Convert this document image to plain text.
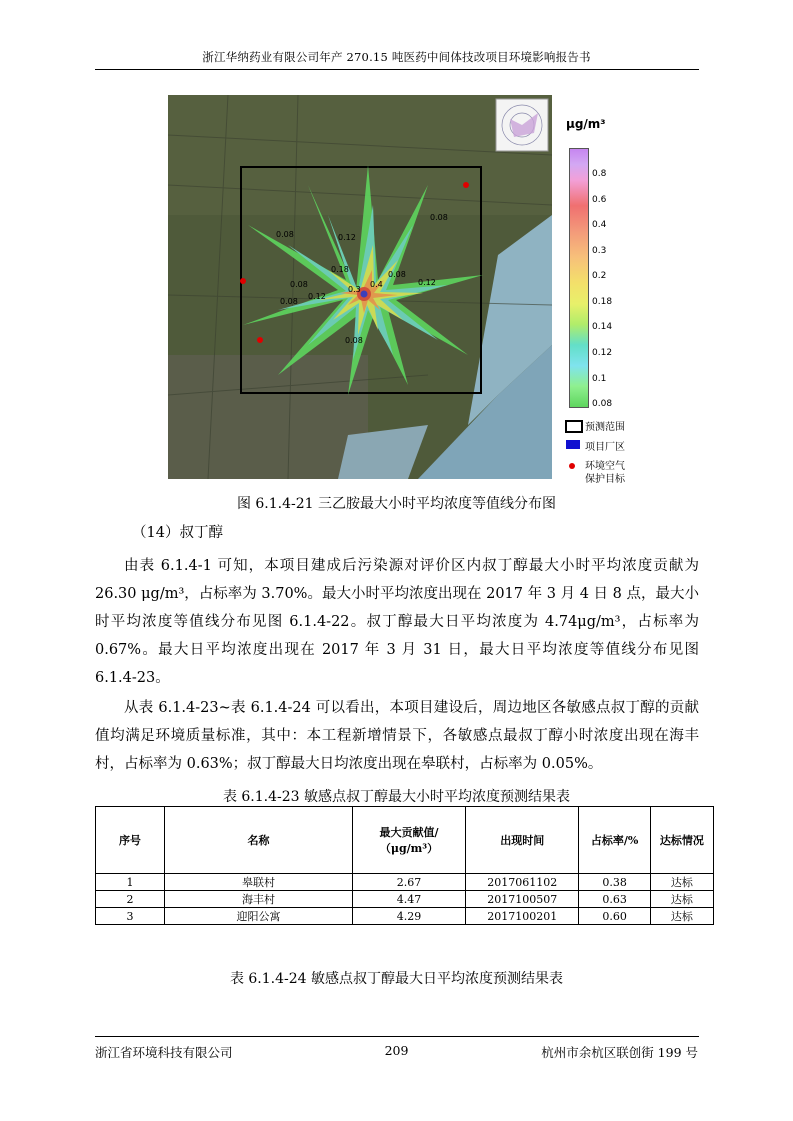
浙江华纳药业有限公司年产 270.15 吨医药中间体技改项目环境影响报告书
0.08	0.12
0.18
0.08
0.12
0.08
0.08
0.12
0.08
0.3
0.4
0.08
μg/m³
0.8
0.6
0.4
0.3
0.2
0.18
0.14
0.12
0.1
0.08
预测范围
项目厂区
环境空气
保护目标
图 6.1.4-21 三乙胺最大小时平均浓度等值线分布图
（14）叔丁醇
由表 6.1.4-1 可知，本项目建成后污染源对评价区内叔丁醇最大小时平均浓度贡献为 26.30 μg/m³，占标率为 3.70%。最大小时平均浓度出现在 2017 年 3 月 4 日 8 点，最大小时平均浓度等值线分布见图 6.1.4-22。叔丁醇最大日平均浓度为 4.74μg/m³，占标率为 0.67%。最大日平均浓度出现在 2017 年 3 月 31 日，最大日平均浓度等值线分布见图 6.1.4-23。
从表 6.1.4-23~表 6.1.4-24 可以看出，本项目建设后，周边地区各敏感点叔丁醇的贡献值均满足环境质量标准，其中：本工程新增情景下，各敏感点最叔丁醇小时浓度出现在海丰村，占标率为 0.63%；叔丁醇最大日均浓度出现在皋联村，占标率为 0.05%。
表 6.1.4-23 敏感点叔丁醇最大小时平均浓度预测结果表
序号	名称	最大贡献值/（μg/m³）	出现时间	占标率/%	达标情况
1	皋联村	2.67	2017061102	0.38	达标
2	海丰村	4.47	2017100507	0.63	达标
3	迎阳公寓	4.29	2017100201	0.60	达标
表 6.1.4-24 敏感点叔丁醇最大日平均浓度预测结果表
浙江省环境科技有限公司	209	杭州市余杭区联创街 199 号
